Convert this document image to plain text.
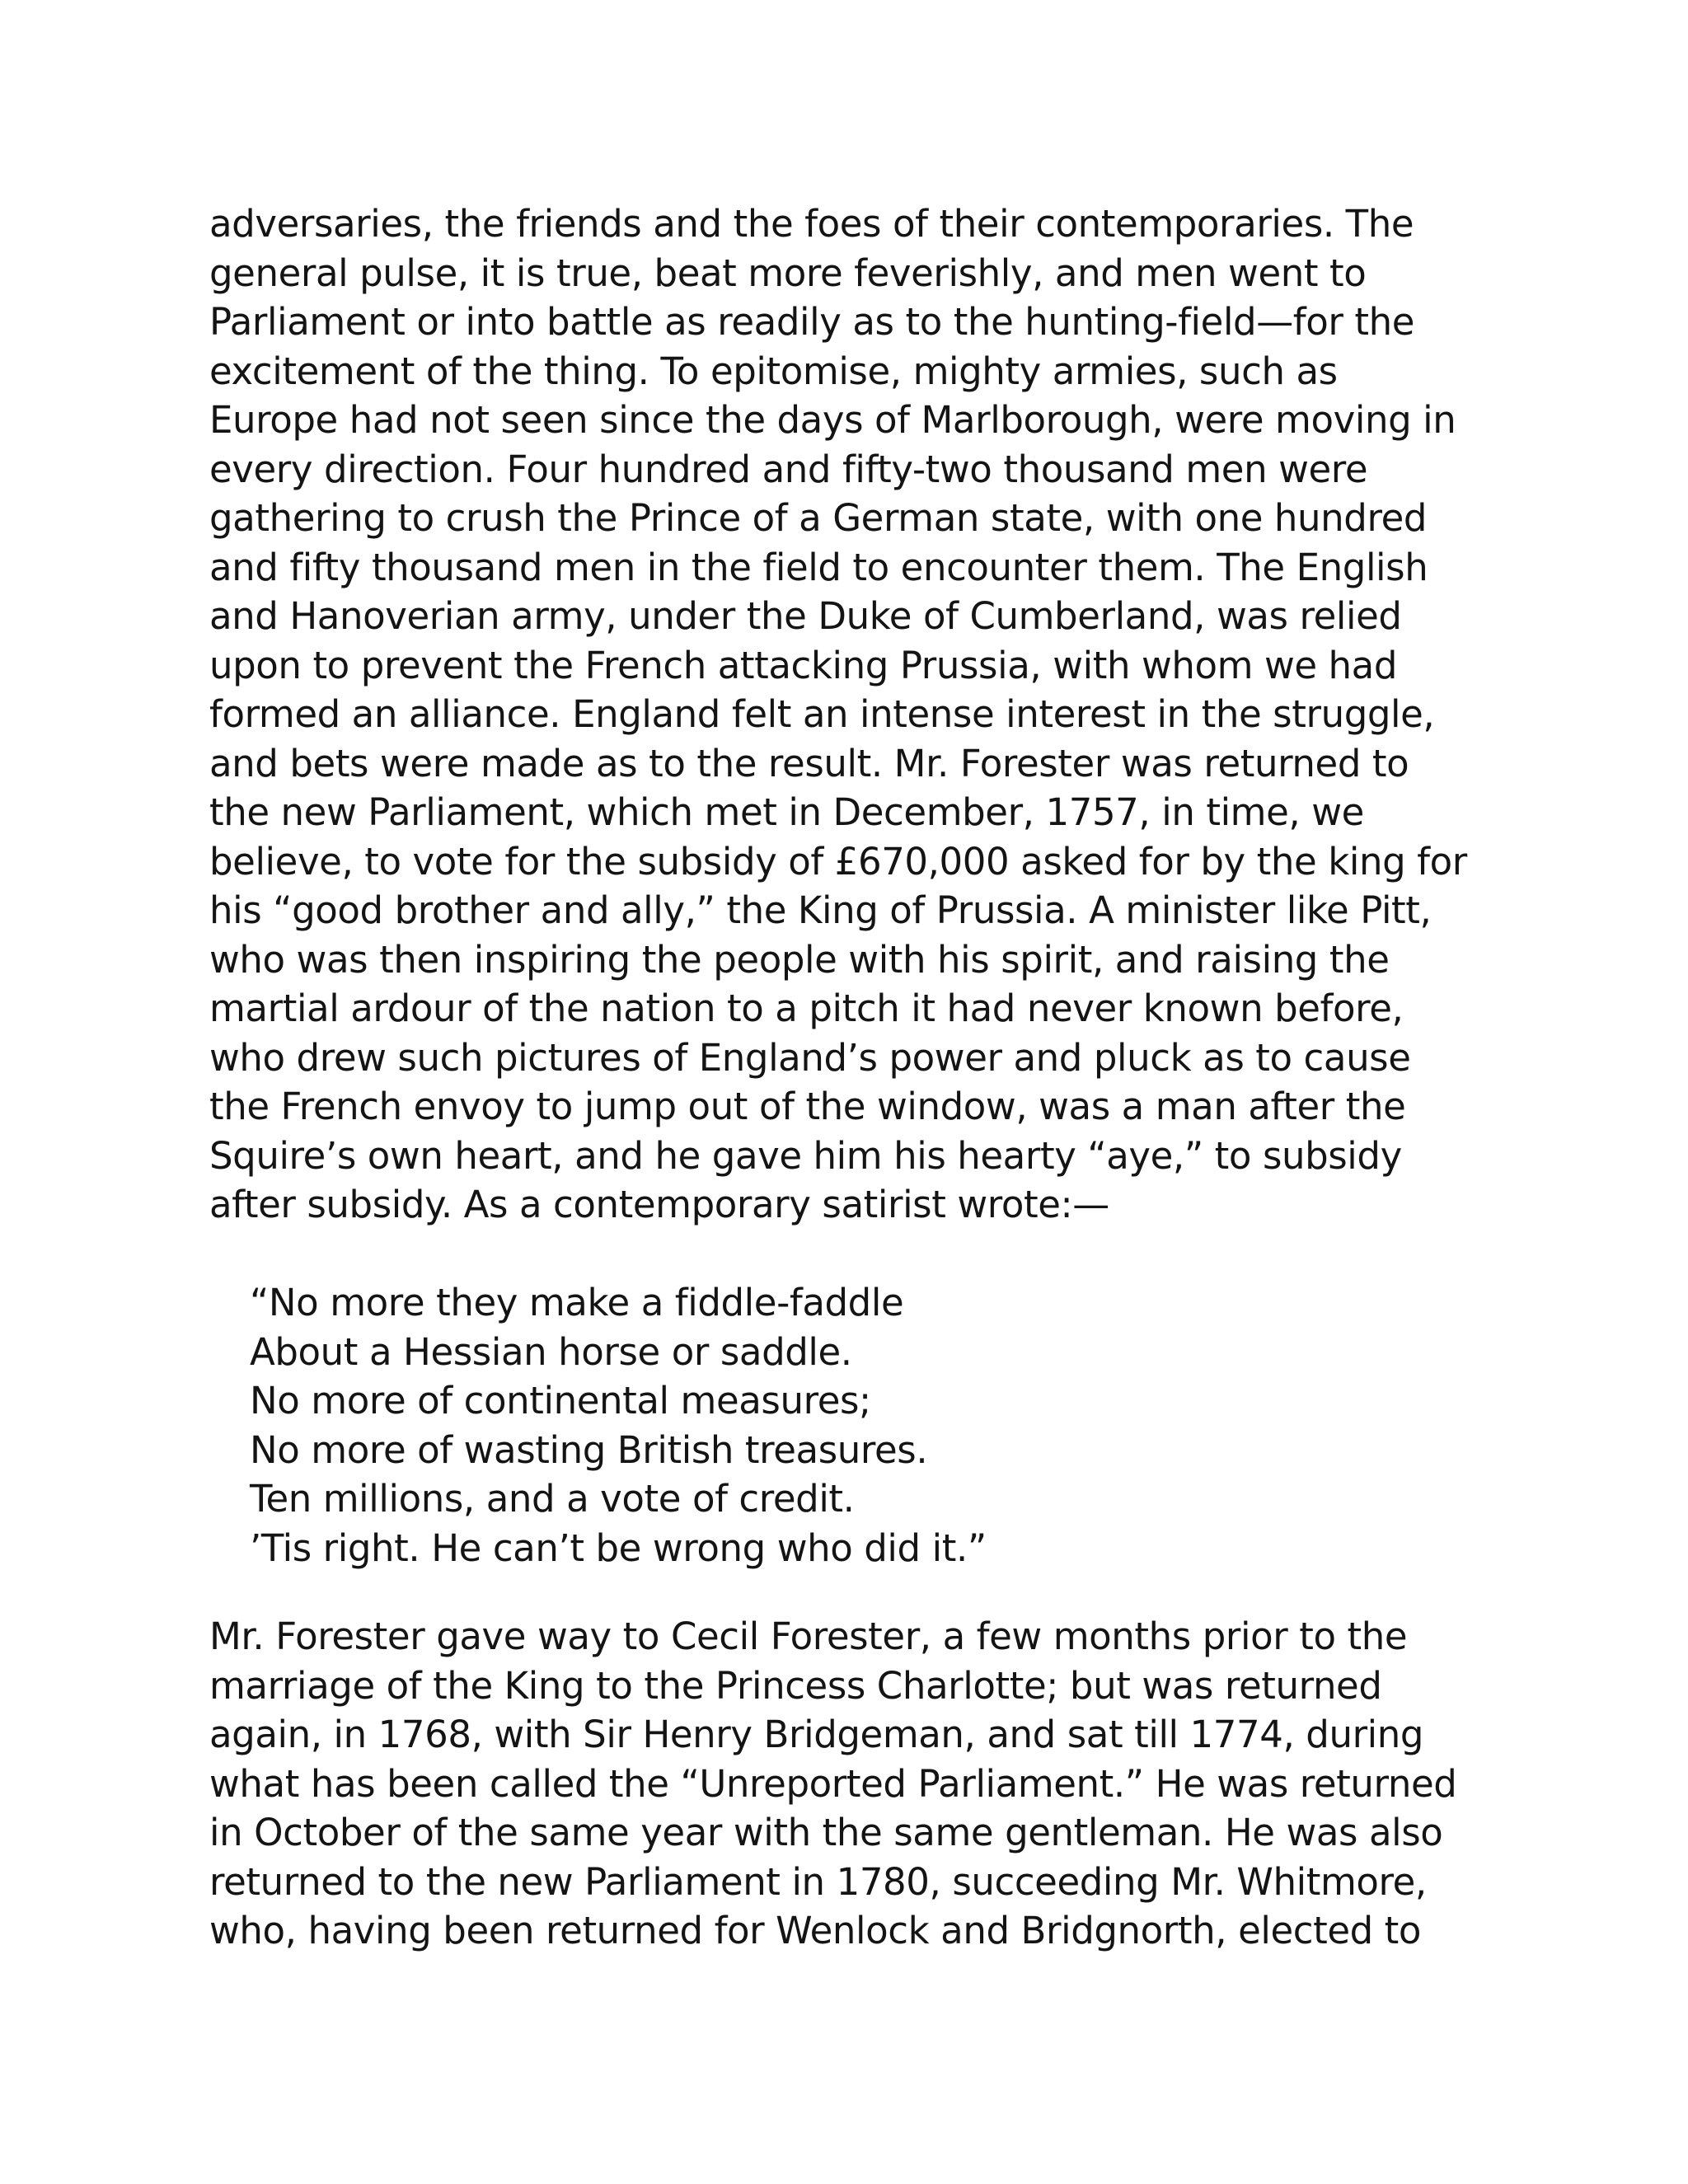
adversaries, the friends and the foes of their contemporaries. The
general pulse, it is true, beat more feverishly, and men went to
Parliament or into battle as readily as to the hunting-field—for the
excitement of the thing. To epitomise, mighty armies, such as
Europe had not seen since the days of Marlborough, were moving in
every direction. Four hundred and fifty-two thousand men were
gathering to crush the Prince of a German state, with one hundred
and fifty thousand men in the field to encounter them. The English
and Hanoverian army, under the Duke of Cumberland, was relied
upon to prevent the French attacking Prussia, with whom we had
formed an alliance. England felt an intense interest in the struggle,
and bets were made as to the result. Mr. Forester was returned to
the new Parliament, which met in December, 1757, in time, we
believe, to vote for the subsidy of £670,000 asked for by the king for
his “good brother and ally,” the King of Prussia. A minister like Pitt,
who was then inspiring the people with his spirit, and raising the
martial ardour of the nation to a pitch it had never known before,
who drew such pictures of England’s power and pluck as to cause
the French envoy to jump out of the window, was a man after the
Squire’s own heart, and he gave him his hearty “aye,” to subsidy
after subsidy. As a contemporary satirist wrote:—
“No more they make a fiddle-faddle
About a Hessian horse or saddle.
No more of continental measures;
No more of wasting British treasures.
Ten millions, and a vote of credit.
’Tis right. He can’t be wrong who did it.”
Mr. Forester gave way to Cecil Forester, a few months prior to the
marriage of the King to the Princess Charlotte; but was returned
again, in 1768, with Sir Henry Bridgeman, and sat till 1774, during
what has been called the “Unreported Parliament.” He was returned
in October of the same year with the same gentleman. He was also
returned to the new Parliament in 1780, succeeding Mr. Whitmore,
who, having been returned for Wenlock and Bridgnorth, elected to
